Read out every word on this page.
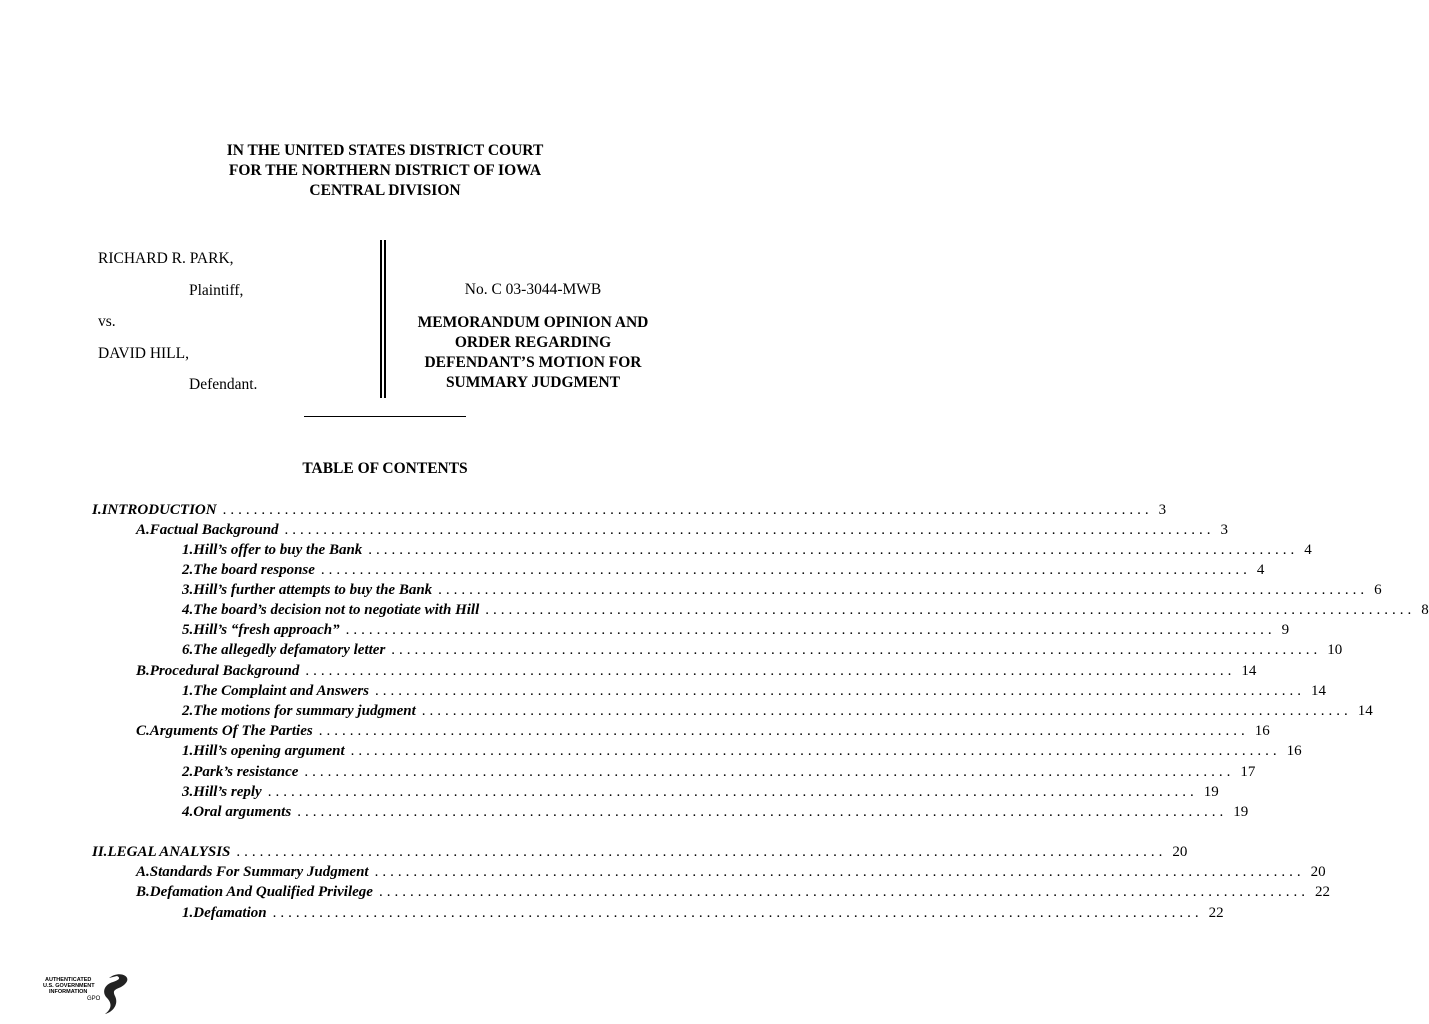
IN THE UNITED STATES DISTRICT COURT
FOR THE NORTHERN DISTRICT OF IOWA
CENTRAL DIVISION
RICHARD R. PARK,
Plaintiff,
vs.
DAVID HILL,
Defendant.
No. C 03-3044-MWB
MEMORANDUM OPINION AND
ORDER REGARDING
DEFENDANT’S MOTION FOR
SUMMARY JUDGMENT
TABLE OF CONTENTS
I. INTRODUCTION ........................................................................................................................ 3
A. Factual Background ........................................................................................................................ 3
1. Hill’s offer to buy the Bank ........................................................................................................................ 4
2. The board response ........................................................................................................................ 4
3. Hill’s further attempts to buy the Bank ........................................................................................................................ 6
4. The board’s decision not to negotiate with Hill ........................................................................................................................ 8
5. Hill’s “fresh approach” ........................................................................................................................ 9
6. The allegedly defamatory letter ........................................................................................................................ 10
B. Procedural Background ........................................................................................................................ 14
1. The Complaint and Answers ........................................................................................................................ 14
2. The motions for summary judgment ........................................................................................................................ 14
C. Arguments Of The Parties ........................................................................................................................ 16
1. Hill’s opening argument ........................................................................................................................ 16
2. Park’s resistance ........................................................................................................................ 17
3. Hill’s reply ........................................................................................................................ 19
4. Oral arguments ........................................................................................................................ 19
II. LEGAL ANALYSIS ........................................................................................................................ 20
A. Standards For Summary Judgment ........................................................................................................................ 20
B. Defamation And Qualified Privilege ........................................................................................................................ 22
1. Defamation ........................................................................................................................ 22
AUTHENTICATED
U.S. GOVERNMENT
INFORMATION
GPO
